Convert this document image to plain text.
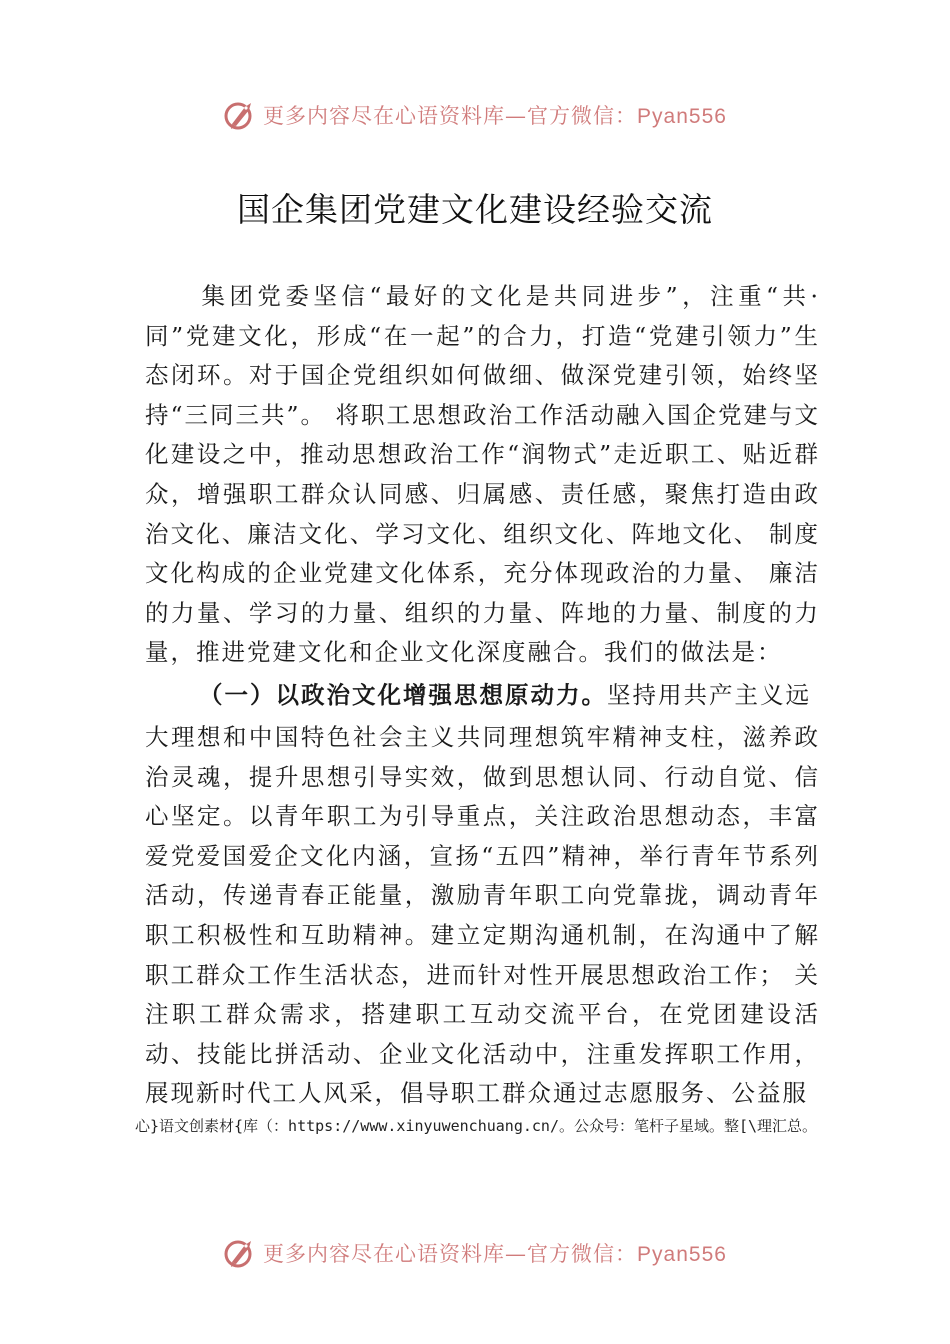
更多内容尽在心语资料库—官方微信：Pyan556
国企集团党建文化建设经验交流

集团党委坚信“最好的文化是共同进步”，注重“共·同”党建文化，形成“在一起”的合力，打造“党建引领力”生态闭环。对于国企党组织如何做细、做深党建引领，始终坚持“三同三共”。 将职工思想政治工作活动融入国企党建与文化建设之中，推动思想政治工作“润物式”走近职工、贴近群众，增强职工群众认同感、归属感、责任感，聚焦打造由政治文化、廉洁文化、学习文化、组织文化、阵地文化、 制度文化构成的企业党建文化体系，充分体现政治的力量、 廉洁的力量、学习的力量、组织的力量、阵地的力量、制度的力量，推进党建文化和企业文化深度融合。我们的做法是：

（一）以政治文化增强思想原动力。坚持用共产主义远

大理想和中国特色社会主义共同理想筑牢精神支柱，滋养政治灵魂，提升思想引导实效，做到思想认同、行动自觉、信心坚定。以青年职工为引导重点，关注政治思想动态，丰富爱党爱国爱企文化内涵，宣扬“五四”精神，举行青年节系列活动，传递青春正能量，激励青年职工向党靠拢，调动青年职工积极性和互助精神。建立定期沟通机制，在沟通中了解职工群众工作生活状态，进而针对性开展思想政治工作； 关注职工群众需求，搭建职工互动交流平台，在党团建设活动、技能比拼活动、企业文化活动中，注重发挥职工作用， 展现新时代工人风采，倡导职工群众通过志愿服务、公益服

心}语文创素材{库（：https://www.xinyuwenchuang.cn/。公众号：笔杆子星域。整[\理汇总。

更多内容尽在心语资料库—官方微信：Pyan556
